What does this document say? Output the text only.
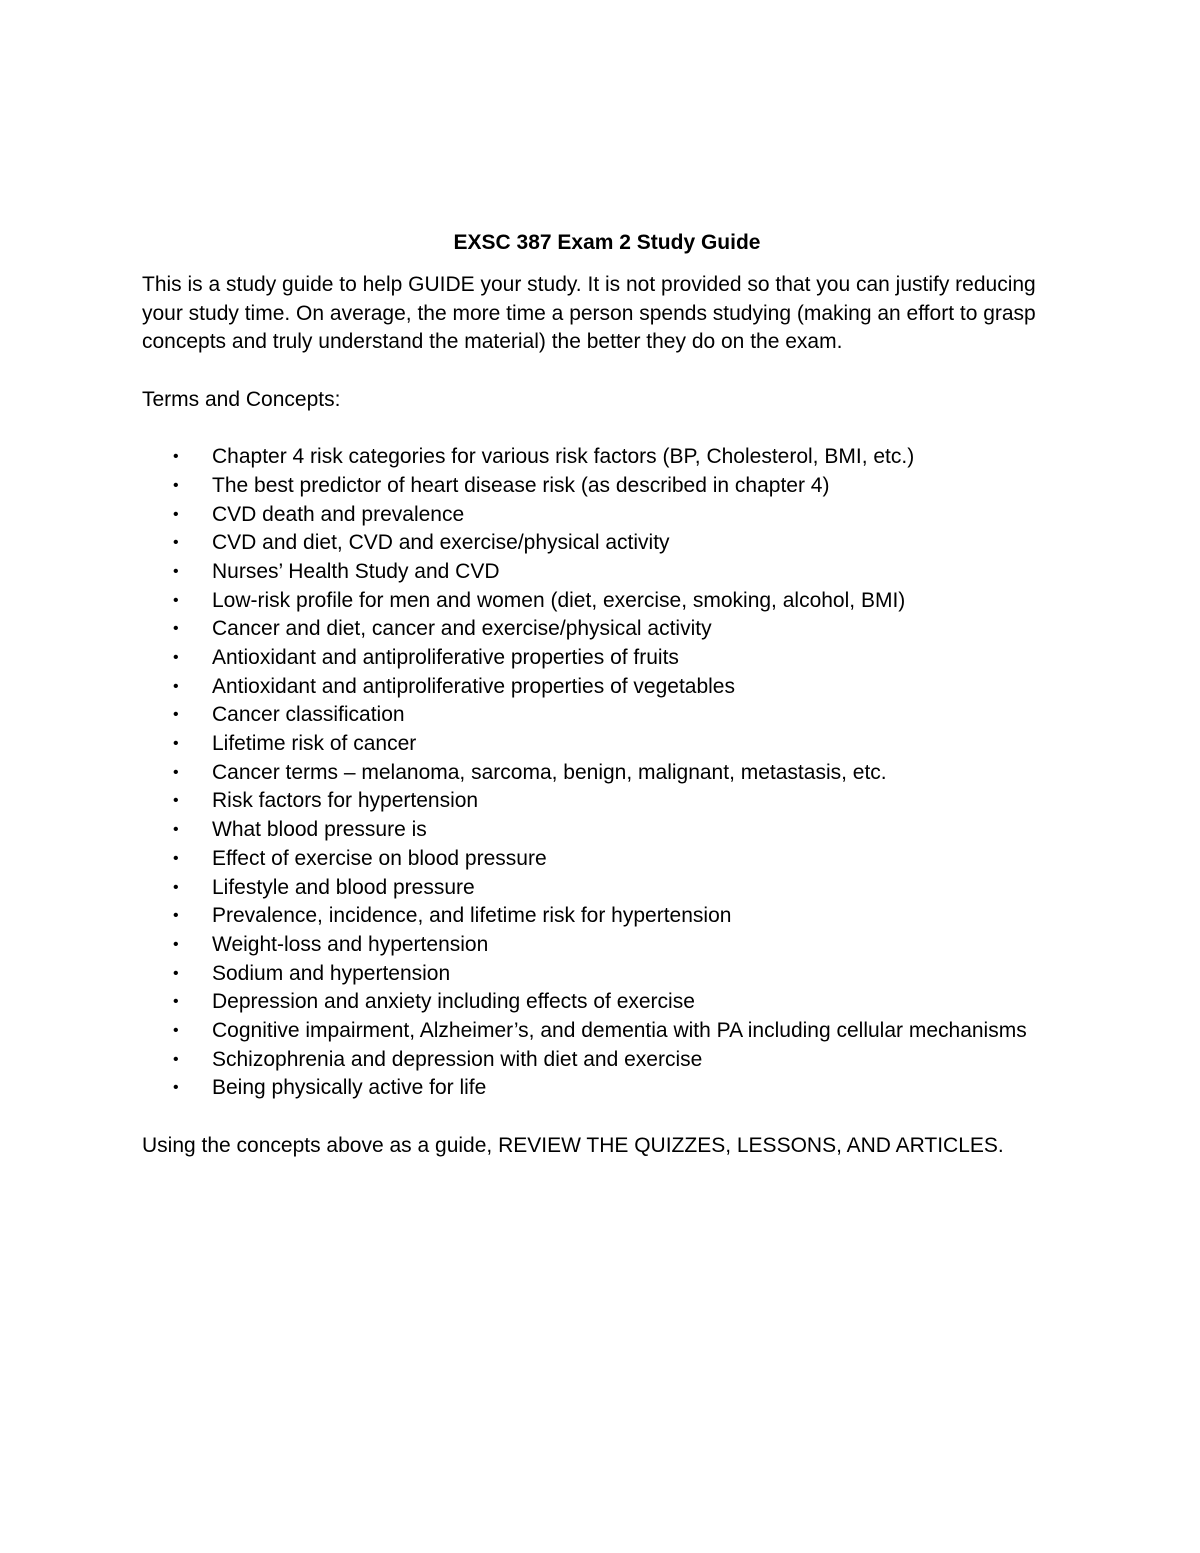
EXSC 387 Exam 2 Study Guide

This is a study guide to help GUIDE your study. It is not provided so that you can justify reducing your study time. On average, the more time a person spends studying (making an effort to grasp concepts and truly understand the material) the better they do on the exam.

Terms and Concepts:

• Chapter 4 risk categories for various risk factors (BP, Cholesterol, BMI, etc.)
• The best predictor of heart disease risk (as described in chapter 4)
• CVD death and prevalence
• CVD and diet, CVD and exercise/physical activity
• Nurses’ Health Study and CVD
• Low-risk profile for men and women (diet, exercise, smoking, alcohol, BMI)
• Cancer and diet, cancer and exercise/physical activity
• Antioxidant and antiproliferative properties of fruits
• Antioxidant and antiproliferative properties of vegetables
• Cancer classification
• Lifetime risk of cancer
• Cancer terms – melanoma, sarcoma, benign, malignant, metastasis, etc.
• Risk factors for hypertension
• What blood pressure is
• Effect of exercise on blood pressure
• Lifestyle and blood pressure
• Prevalence, incidence, and lifetime risk for hypertension
• Weight-loss and hypertension
• Sodium and hypertension
• Depression and anxiety including effects of exercise
• Cognitive impairment, Alzheimer’s, and dementia with PA including cellular mechanisms
• Schizophrenia and depression with diet and exercise
• Being physically active for life

Using the concepts above as a guide, REVIEW THE QUIZZES, LESSONS, AND ARTICLES.
